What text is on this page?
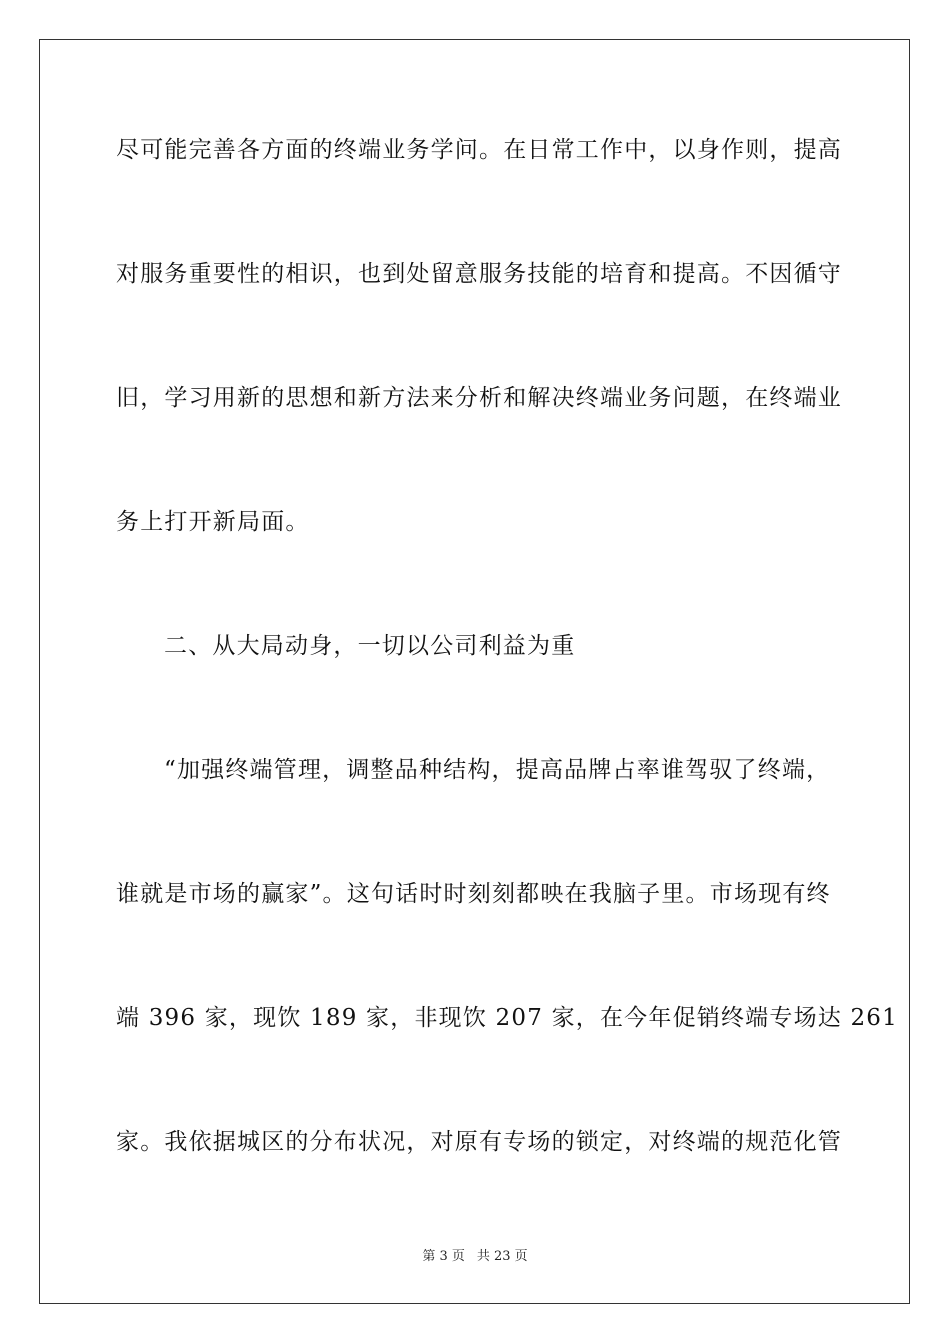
尽可能完善各方面的终端业务学问。在日常工作中，以身作则，提高
对服务重要性的相识，也到处留意服务技能的培育和提高。不因循守
旧，学习用新的思想和新方法来分析和解决终端业务问题，在终端业
务上打开新局面。
二、从大局动身，一切以公司利益为重
“加强终端管理，调整品种结构，提高品牌占率谁驾驭了终端，
谁就是市场的赢家”。这句话时时刻刻都映在我脑子里。市场现有终
端 396 家，现饮 189 家，非现饮 207 家，在今年促销终端专场达 261
家。我依据城区的分布状况，对原有专场的锁定，对终端的规范化管
第 3 页 共 23 页
